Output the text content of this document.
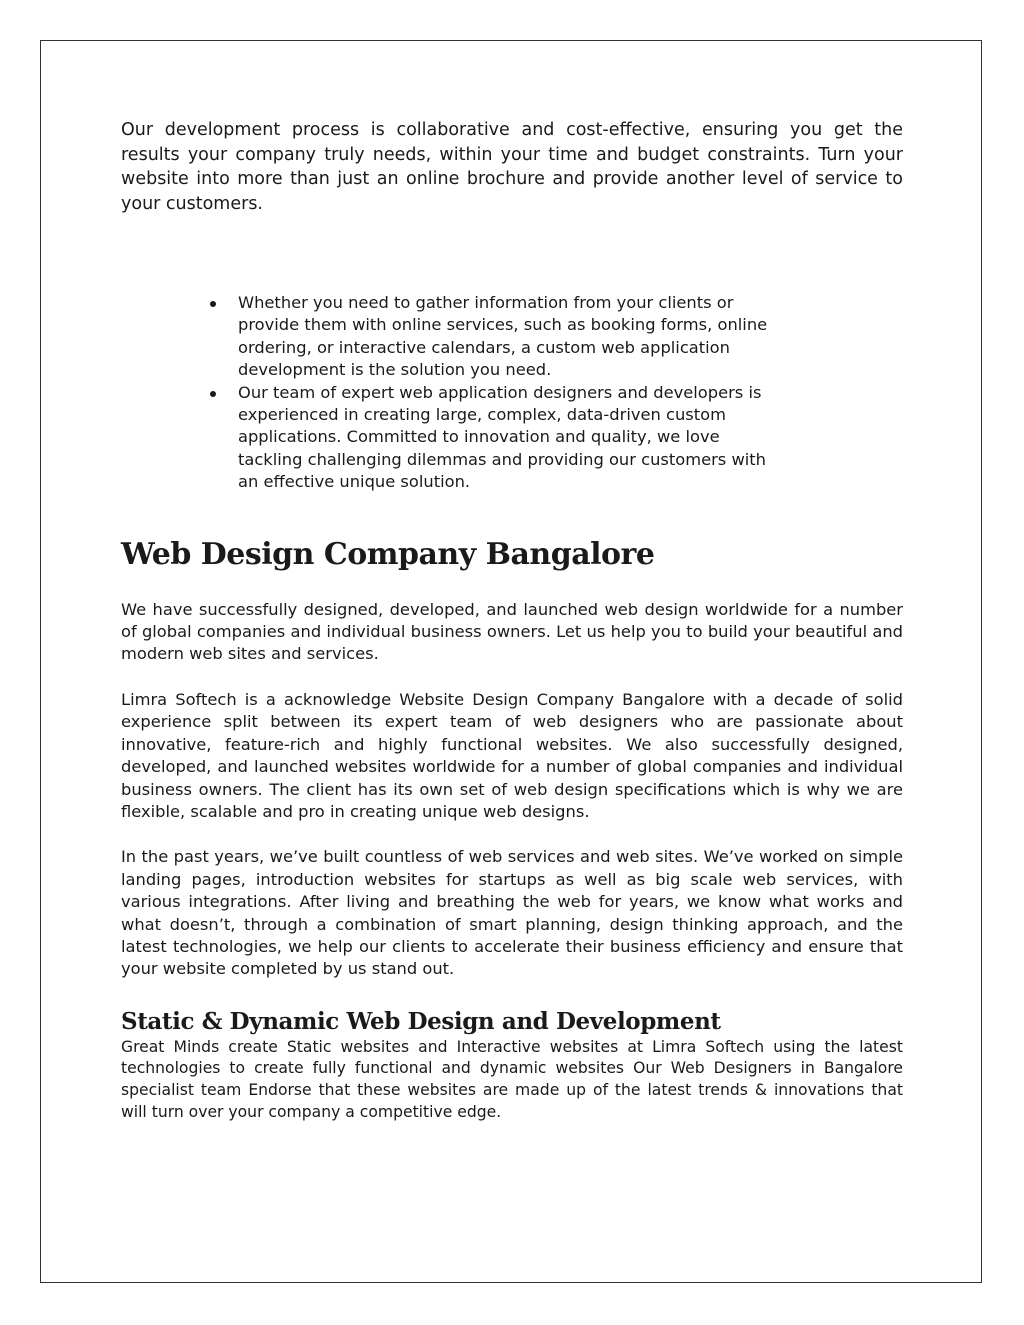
Our development process is collaborative and cost-effective, ensuring you get the results your company truly needs, within your time and budget constraints. Turn your website into more than just an online brochure and provide another level of service to your customers.

Whether you need to gather information from your clients or provide them with online services, such as booking forms, online ordering, or interactive calendars, a custom web application development is the solution you need.
Our team of expert web application designers and developers is experienced in creating large, complex, data-driven custom applications. Committed to innovation and quality, we love tackling challenging dilemmas and providing our customers with an effective unique solution.
Web Design Company Bangalore

We have successfully designed, developed, and launched web design worldwide for a number of global companies and individual business owners. Let us help you to build your beautiful and modern web sites and services.

Limra Softech is a acknowledge Website Design Company Bangalore with a decade of solid experience split between its expert team of web designers who are passionate about innovative, feature-rich and highly functional websites. We also successfully designed, developed, and launched websites worldwide for a number of global companies and individual business owners. The client has its own set of web design specifications which is why we are flexible, scalable and pro in creating unique web designs.

In the past years, we’ve built countless of web services and web sites. We’ve worked on simple landing pages, introduction websites for startups as well as big scale web services, with various integrations. After living and breathing the web for years, we know what works and what doesn’t, through a combination of smart planning, design thinking approach, and the latest technologies, we help our clients to accelerate their business efficiency and ensure that your website completed by us stand out.

Static & Dynamic Web Design and Development

Great Minds create Static websites and Interactive websites at Limra Softech using the latest technologies to create fully functional and dynamic websites Our Web Designers in Bangalore specialist team Endorse that these websites are made up of the latest trends & innovations that will turn over your company a competitive edge.
